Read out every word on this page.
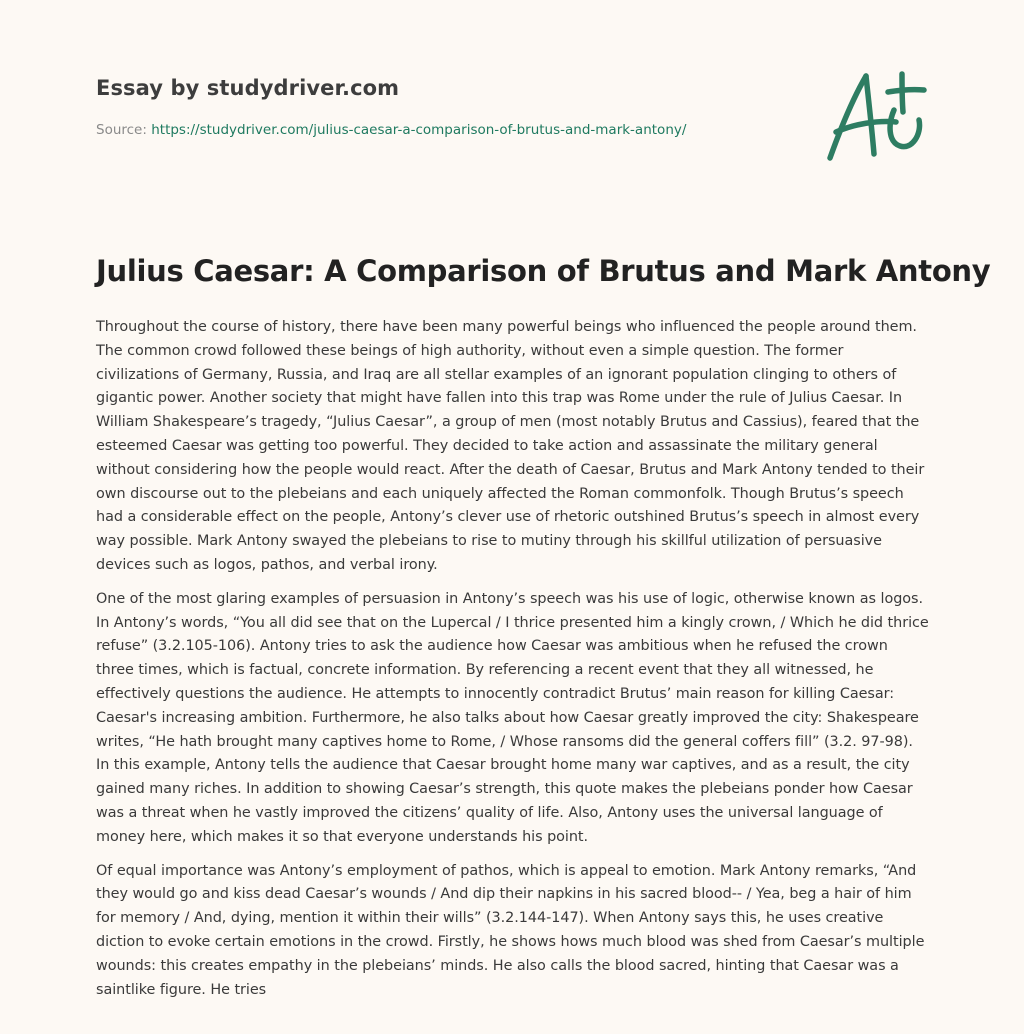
Essay by studydriver.com
Source: https://studydriver.com/julius-caesar-a-comparison-of-brutus-and-mark-antony/
Julius Caesar: A Comparison of Brutus and Mark Antony

Throughout the course of history, there have been many powerful beings who influenced the people around them. The common crowd followed these beings of high authority, without even a simple question. The former civilizations of Germany, Russia, and Iraq are all stellar examples of an ignorant population clinging to others of gigantic power. Another society that might have fallen into this trap was Rome under the rule of Julius Caesar. In William Shakespeare’s tragedy, “Julius Caesar”, a group of men (most notably Brutus and Cassius), feared that the esteemed Caesar was getting too powerful. They decided to take action and assassinate the military general without considering how the people would react. After the death of Caesar, Brutus and Mark Antony tended to their own discourse out to the plebeians and each uniquely affected the Roman commonfolk. Though Brutus’s speech had a considerable effect on the people, Antony’s clever use of rhetoric outshined Brutus’s speech in almost every way possible. Mark Antony swayed the plebeians to rise to mutiny through his skillful utilization of persuasive devices such as logos, pathos, and verbal irony.

One of the most glaring examples of persuasion in Antony’s speech was his use of logic, otherwise known as logos. In Antony’s words, “You all did see that on the Lupercal / I thrice presented him a kingly crown, / Which he did thrice refuse” (3.2.105-106). Antony tries to ask the audience how Caesar was ambitious when he refused the crown three times, which is factual, concrete information. By referencing a recent event that they all witnessed, he effectively questions the audience. He attempts to innocently contradict Brutus’ main reason for killing Caesar: Caesar's increasing ambition. Furthermore, he also talks about how Caesar greatly improved the city: Shakespeare writes, “He hath brought many captives home to Rome, / Whose ransoms did the general coffers fill” (3.2. 97-98). In this example, Antony tells the audience that Caesar brought home many war captives, and as a result, the city gained many riches. In addition to showing Caesar’s strength, this quote makes the plebeians ponder how Caesar was a threat when he vastly improved the citizens’ quality of life. Also, Antony uses the universal language of money here, which makes it so that everyone understands his point.

Of equal importance was Antony’s employment of pathos, which is appeal to emotion. Mark Antony remarks, “And they would go and kiss dead Caesar’s wounds / And dip their napkins in his sacred blood-- / Yea, beg a hair of him for memory / And, dying, mention it within their wills” (3.2.144-147). When Antony says this, he uses creative diction to evoke certain emotions in the crowd. Firstly, he shows hows much blood was shed from Caesar’s multiple wounds: this creates empathy in the plebeians’ minds. He also calls the blood sacred, hinting that Caesar was a saintlike figure. He tries
